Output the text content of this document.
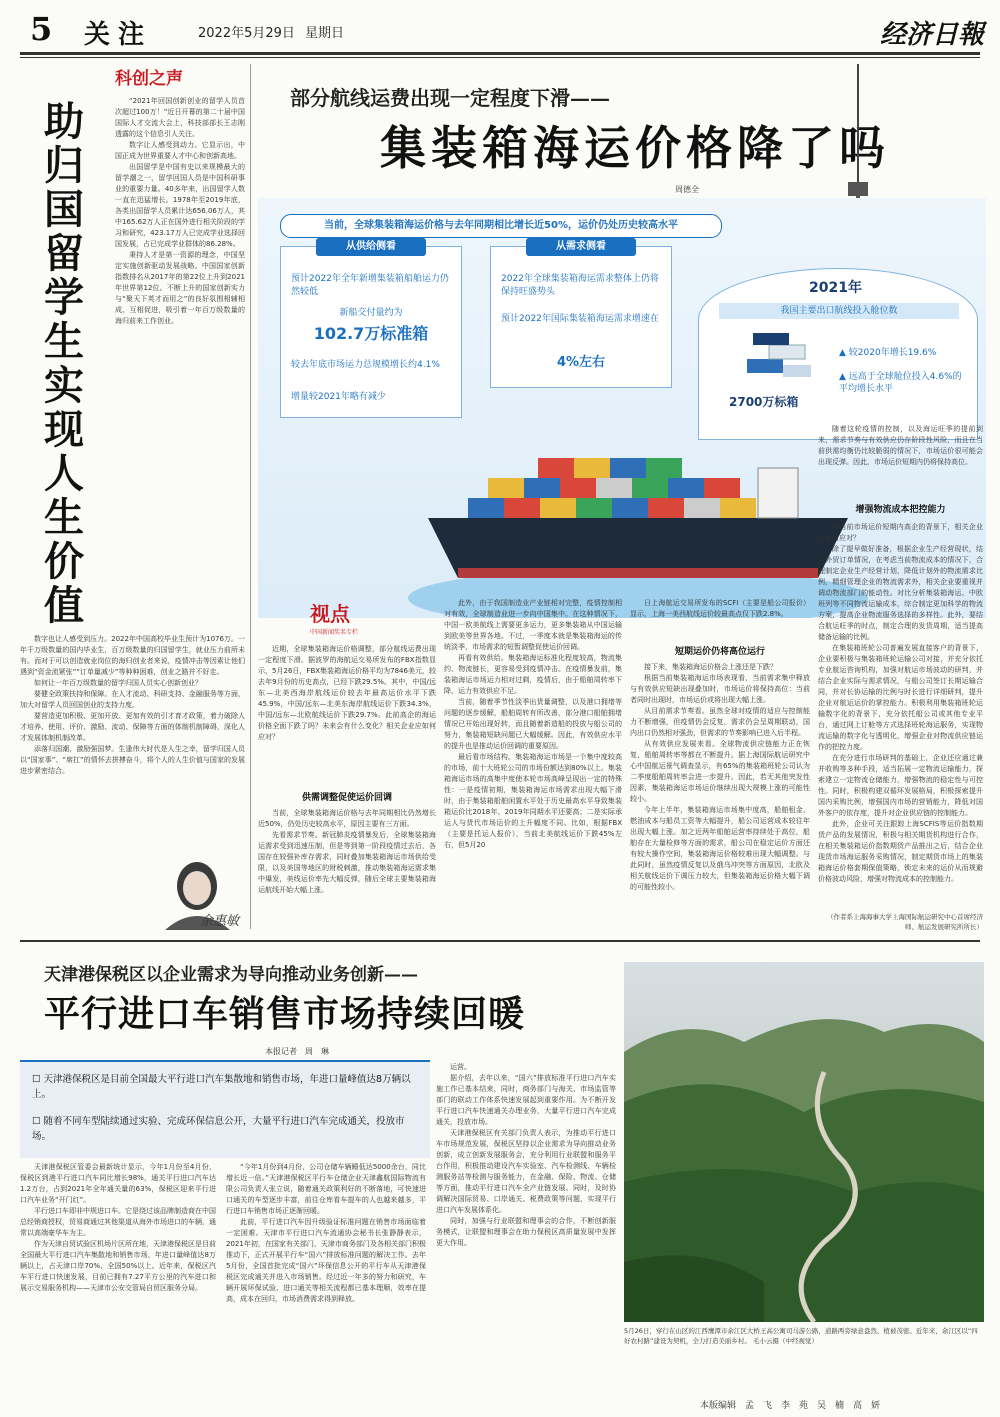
5 关注	2022年5月29日 星期日	经济日報
助归国留学生实现人生价值
科创之声

“2021年回国创新创业的留学人员首次超过100万！”近日开幕的第二十届中国国际人才交流大会上，科技部部长王志刚透露的这个信息引人关注。

数字让人感受到动力。它显示出，中国正成为世界重要人才中心和创新高地。

出国留学是中国有史以来规模最大的留学潮之一，留学回国人员是中国科研事业的重要力量。40多年来，出国留学人数一直在迅猛增长。1978年至2019年底，各类出国留学人员累计达656.06万人，其中165.62万人正在国外进行相关阶段的学习和研究，423.17万人已完成学业选择回国发展，占已完成学业群体的86.28%。

秉持人才是第一资源的理念，中国坚定实施创新驱动发展战略。中国国家创新指数排名从2017年的第22位上升到2021年世界第12位。不断上升的国家创新实力与“聚天下英才而用之”的良好氛围相辅相成、互相促进，吸引着一年百万级数量的海归前来工作创业。

数字也让人感受到压力。2022年中国高校毕业生预计为1076万。一年千万级数量的国内毕业生，百万级数量的归国留学生，就业压力前所未有。而对于可以创造就业岗位的海归创业者来说，疫情冲击等因素让他们遇到“资金流紧张”“订单量减少”等种种困难，创业之路并不好走。

如何让一年百万级数量的留学归国人员实心创新创业？

要健全政策扶持和保障。在人才流动、科研支持、金融服务等方面，加大对留学人员回国创业的支持力度。

要营造更加积极、更加开放、更加有效的引才育才政策，着力破除人才培养、使用、评价、激励、流动、保障等方面的体制机制障碍，深化人才发展体制机制改革。

添落归国潮，激励强国梦。生逢伟大时代是人生之幸，留学归国人员以“国家事”、“席扛”的情怀去拼搏奋斗，将个人的人生价值与国家的发展进步紧密结合。

余惠敏
部分航线运费出现一定程度下滑——
集装箱海运价格降了吗
周德全
当前，全球集装箱海运价格与去年同期相比增长近50%，运价仍处历史较高水平
从供给侧看
预计2022年全年新增集装箱船舶运力仍然较低
新船交付量约为
102.7万标准箱
较去年底市场运力总规模增长约4.1%
增量较2021年略有减少
从需求侧看
2022年全球集装箱海运需求整体上仍将保持旺盛势头
预计2022年国际集装箱海运需求增速在
4%左右
2021年
我国主要出口航线投入舱位数
2700万标箱
▲ 较2020年增长19.6%
▲ 远高于全球舱位投入4.6%的平均增长水平
视点
中国新闻奖名专栏

近期，全球集装箱海运价格调整，部分航线运费出现一定程度下滑。据波罗的海航运交易所发布的FBX指数显示，5月26日，FBX集装箱海运价格平均为7846美元，较去年9月份的历史高点，已经下跌29.5%。其中，中国/远东—北美西海岸航线运价较去年最高运价水平下跌45.9%，中国/远东—北美东海岸航线运价下跌34.3%，中国/远东—北欧航线运价下跌29.7%。此前高企的海运价格全面下跌了吗？未来会有什么变化？相关企业应如何应对？

供需调整促使运价回调

当前，全球集装箱海运价格与去年同期相比仍然增长近50%，仍处历史较高水平，原因主要有三方面。

先看需求节奏。新冠肺炎疫情暴发后，全球集装箱海运需求受到迅速压制，但是等到第一阶段疫情过去后，各国存在较强补库存需求，同时叠加集装箱海运市场供给受限，以及美国等地区的财税刺激，推动集装箱海运需求集中爆发，美线运价率先大幅反弹，随后全球主要集装箱海运航线开始大幅上涨。

此外，由于我国制造业产业链相对完整，疫情控制相对有效，全球制造业进一步向中国集中。在这种情况下，中国一欧美航线上需要更多运力，更多集装箱从中国运输到欧美等世界各地。不过，一季度本就是集装箱海运的传统淡季，市场需求的短暂调整促使运价回调。

再看有效供给。集装箱海运标准化程度较高，物流集约、物流链长，更容易受到疫情冲击。在疫情暴发前，集装箱海运市场运力相对过剩，疫情后，由于船舶周转率下降，运力有效供应不足。

当前，随着季节性淡季出货量调整，以及港口拥堵等问题的逐步缓解，船舶周转有所改善，部分港口船舶拥堵情况已开始出现好转，而且随着新造船的投放与船公司的努力，集装箱短缺问题已大幅缓解。因此，有效供应水平的提升也是推动运价回调的重要原因。

最后看市场结构。集装箱海运市场是一个集中度较高的市场，前十大班轮公司的市场份额达到80%以上。集装箱海运市场的高集中度使本轮市场高峰呈现出一定的特殊性：一是疫情初期，集装箱海运市场需求出现大幅下滑时，由于集装箱船舶闲置水平处于历史最高水平导致集装箱运价比2018年、2019年同期水平还要高；二是实际承运人与货代市场运价的上升幅度不同。比如，根据FBX（主要是托运人报价），当前北美航线运价下跌45%左右，但5月20

日上海航运交易所发布的SCFI（主要是船公司报价）显示，上海一美西航线运价较最高点仅下跌2.8%。

短期运价仍将高位运行

接下来，集装箱海运价格会上涨还是下跌？

根据当前集装箱海运市场表现看，当前需求集中释放与有效供应短缺出现叠加时，市场运价将保持高位：当前者同时出现时，市场运价或将出现大幅上涨。

从目前需求节奏看。虽然全球对疫情的适应与控制能力不断增强，但疫情仍会反复，需求仍会呈周期联动，国内出口仍然相对强劲，但需求的节奏影响已进入后半程。

从有效供应发展来看。全球物流供应链能力正在恢复，船舶周转率等都在不断提升。据上海国际航运研究中心中国航运景气调查显示，有65%的集装箱班轮公司认为二季度船舶周转率会进一步提升。因此，若无其他突发性因素，集装箱海运市场运价继续出现大规模上涨的可能性较小。

今年上半年，集装箱海运市场集中度高，船舶租金、燃油成本与船员工资等大幅提升，船公司运营成本较往年出现大幅上涨。加之近两年船舶运营率持续处于高位，船舶存在大量检修等方面的需求，船公司在稳定运价方面还有较大操作空间，集装箱海运价格较难出现大幅调整。与此同时，虽然疫情反复以及俄乌冲突等方面原因，北欧及相关航线运价下调压力较大，但集装箱海运价格大幅下调的可能性较小。

随着这轮疫情的控制，以及海运旺季的提前到来，需求节奏与有效供应仍存阶段性风险，而且在当前供需均衡仍比较脆弱的情况下，市场运价很可能会出现反弹。因此，市场运价短期内仍将保持高位。

增强物流成本把控能力

在当前市场运价短期内高企的背景下，相关企业应如何应对？

除了提早做好准备，根据企业生产经营现状，结合外贸订单情况，在考虑当前物流成本的情况下，合理制定企业生产经营计划，降低计划外的物流需求比例，精细管理企业的物流需求外，相关企业要重视并调动物流部门的能动性。对比分析集装箱海运、中欧班列等不同物流运输成本，综合制定更加科学的物流方案，提高企业物流服务选择的多样性。此外，要结合航运旺季的时点，制定合理的发货周期，适当提高储备运输的比例。

在集装箱班轮公司普遍发展直接客户的背景下，企业要积极与集装箱班轮运输公司对接，并充分依托专业航运咨询机构，加强对航运市场波动的研判，并结合企业实际与需求情况，与船公司签订长期运输合同，并对长协运输的比例与时长进行详细研判，提升企业对航运运价的掌控能力。积极利用集装箱班轮运输数字化的背景下，充分依托船公司或其他专业平台，通过网上订舱等方式选择班轮海运服务，实现物流运输的数字化与透明化，增强企业对物流供应链运作的把控力度。

在充分进行市场研判的基础上，企业还应通过兼并收购等多种手段，适当拓展一定物流运输能力，探索建立一定物流仓储能力，增强物流的稳定性与可控性。同时，积极构建双循环发展格局，积极探索提升国内采购比例，增强国内市场的营销能力，降低对国外客户的依存度，提升对企业供应链的控制能力。

此外，企业可关注跟踪上海SCFIS等运价指数期货产品的发展情况，积极与相关期货机构进行合作，在相关集装箱运价指数期货产品推出之后，结合企业现货市场海运服务采购情况，制定期货市场上的集装箱海运价格套期保值策略，锁定未来的运价从而规避价格波动风险，增强对物流成本的控制能力。

（作者系上海海事大学上海国际航运研究中心首席经济师、航运发展研究所所长）
天津港保税区以企业需求为导向推动业务创新——
平行进口车销售市场持续回暖
本报记者　周　琳
☐ 天津港保税区是目前全国最大平行进口汽车集散地和销售市场，年进口量峰值达8万辆以上。
☐ 随着不同车型陆续通过实验、完成环保信息公开，大量平行进口汽车完成通关，投放市场。

天津港保税区管委会最新统计显示，今年1月份至4月份，保税区到港平行进口汽车同比增长98%，通关平行进口汽车达1.2万台，占到2021年全年通关量的63%，保税区迎来平行进口汽车业务“开门红”。

平行进口车即非中规进口车。它是绕过该品牌制造商在中国总经销商授权，贸易商通过其他渠道从海外市场进口的车辆，通常以高端豪华车为主。

作为天津自贸试验区机场片区所在地，天津港保税区是目前全国最大平行进口汽车集散地和销售市场，年进口量峰值达8万辆以上，占天津口岸70%、全国50%以上。近年来，保税区汽车平行进口快速发展，目前已拥有7.27平方公里的汽车进口和展示交易服务机构——天津市公安交管局自贸区服务分局。

“今年1月份到4月份，公司仓储车辆睡低达5000余台，同比增长近一倍。”天津港保税区平行车仓储企业天津鑫航国际物流有限公司负责人张立说，随着通关政策利好的不断落地，可快速进口通关的车型逐步丰富，前往仓库看车提车的人也越来越多，平行进口车销售市场正逐渐回暖。

此前，平行进口汽车因升级验证标准问题在销售市场面临着一定困难。天津市平行进口汽车流通协会秘书长张静静表示，2021年初，在国家有关部门、天津市商务部门及各相关部门积极推动下，正式开展平行车“国六”排放标准问题的解决工作。去年5月份，全国首批完成“国六”环保信息公开的平行车从天津港保税区完成通关并进入市场销售。经过近一年多的努力和研究，车辆开展环保试验、进口通关等相关流程都已基本理顺，效率在提高，成本在回归，市场消费需求得到释放。

运营。

据介绍，去年以来，“国六”排放标准平行进口汽车实施工作已基本结束，同时，商务部门与海关、市场监管等部门的联动工作体系快速发展起到重要作用。为不断开发平行进口汽车快速通关办理业务，大量平行进口汽车完成通关，投放市场。

天津港保税区有关部门负责人表示，为推动平行进口车市场规范发展，保税区坚持以企业需求为导向推动业务创新，成立创新发展服务会，充分利用行业联盟和服务平台作用，积极推动建设汽车实验室、汽车检测线、车辆检测服务站等检测与服务能力，在金融、保险、物流、仓储等方面，推动平行进口汽车全产业链发展。同时，及时协调解决国际贸易、口岸通关、税费政策等问题，实现平行进口汽车发展体系化。

同时，加强与行业联盟和理事会的合作，不断创新服务模式，让联盟和理事会在助力保税区高质量发展中发挥更大作用。

5月26日，穿行在山区的江西鹰潭市余江区大桥王高公寓司马游公路，道路两旁绿意盎然、植被茂密。近年来，余江区以“四好农村路”建设为契机，全力打造美丽乡村。 毛小云摄（中经视觉）
本版编辑　孟　飞　李　苑　吴　楠　高　妍
